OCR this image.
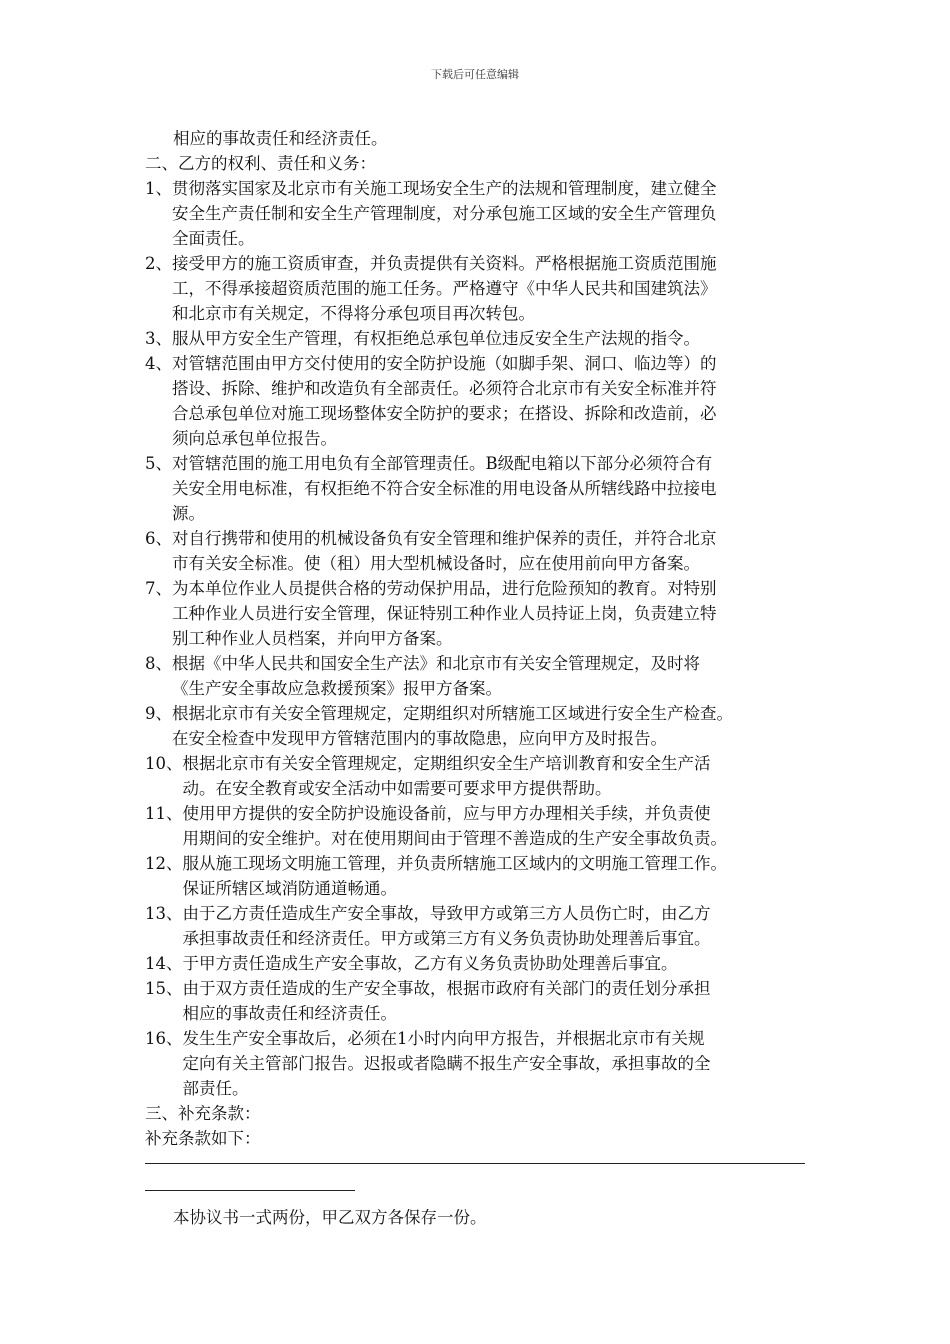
下载后可任意编辑
相应的事故责任和经济责任。
二、乙方的权利、责任和义务：
1、 贯彻落实国家及北京市有关施工现场安全生产的法规和管理制度，建立健全
安全生产责任制和安全生产管理制度，对分承包施工区域的安全生产管理负
全面责任。
2、 接受甲方的施工资质审查，并负责提供有关资料。严格根据施工资质范围施
工，不得承接超资质范围的施工任务。严格遵守《中华人民共和国建筑法》
和北京市有关规定，不得将分承包项目再次转包。
3、 服从甲方安全生产管理，有权拒绝总承包单位违反安全生产法规的指令。
4、 对管辖范围由甲方交付使用的安全防护设施（如脚手架、洞口、临边等）的
搭设、拆除、维护和改造负有全部责任。必须符合北京市有关安全标准并符
合总承包单位对施工现场整体安全防护的要求；在搭设、拆除和改造前，必
须向总承包单位报告。
5、 对管辖范围的施工用电负有全部管理责任。B级配电箱以下部分必须符合有
关安全用电标准，有权拒绝不符合安全标准的用电设备从所辖线路中拉接电
源。
6、 对自行携带和使用的机械设备负有安全管理和维护保养的责任，并符合北京
市有关安全标准。使（租）用大型机械设备时，应在使用前向甲方备案。
7、 为本单位作业人员提供合格的劳动保护用品，进行危险预知的教育。对特别
工种作业人员进行安全管理，保证特别工种作业人员持证上岗，负责建立特
别工种作业人员档案，并向甲方备案。
8、 根据《中华人民共和国安全生产法》和北京市有关安全管理规定，及时将
《生产安全事故应急救援预案》报甲方备案。
9、 根据北京市有关安全管理规定，定期组织对所辖施工区域进行安全生产检查。
在安全检查中发现甲方管辖范围内的事故隐患，应向甲方及时报告。
10、 根据北京市有关安全管理规定，定期组织安全生产培训教育和安全生产活
动。在安全教育或安全活动中如需要可要求甲方提供帮助。
11、 使用甲方提供的安全防护设施设备前，应与甲方办理相关手续，并负责使
用期间的安全维护。对在使用期间由于管理不善造成的生产安全事故负责。
12、 服从施工现场文明施工管理，并负责所辖施工区域内的文明施工管理工作。
保证所辖区域消防通道畅通。
13、 由于乙方责任造成生产安全事故，导致甲方或第三方人员伤亡时，由乙方
承担事故责任和经济责任。甲方或第三方有义务负责协助处理善后事宜。
14、 于甲方责任造成生产安全事故，乙方有义务负责协助处理善后事宜。
15、 由于双方责任造成的生产安全事故，根据市政府有关部门的责任划分承担
相应的事故责任和经济责任。
16、 发生生产安全事故后，必须在1小时内向甲方报告，并根据北京市有关规
定向有关主管部门报告。迟报或者隐瞒不报生产安全事故，承担事故的全
部责任。
三、补充条款：
补充条款如下：
本协议书一式两份，甲乙双方各保存一份。
